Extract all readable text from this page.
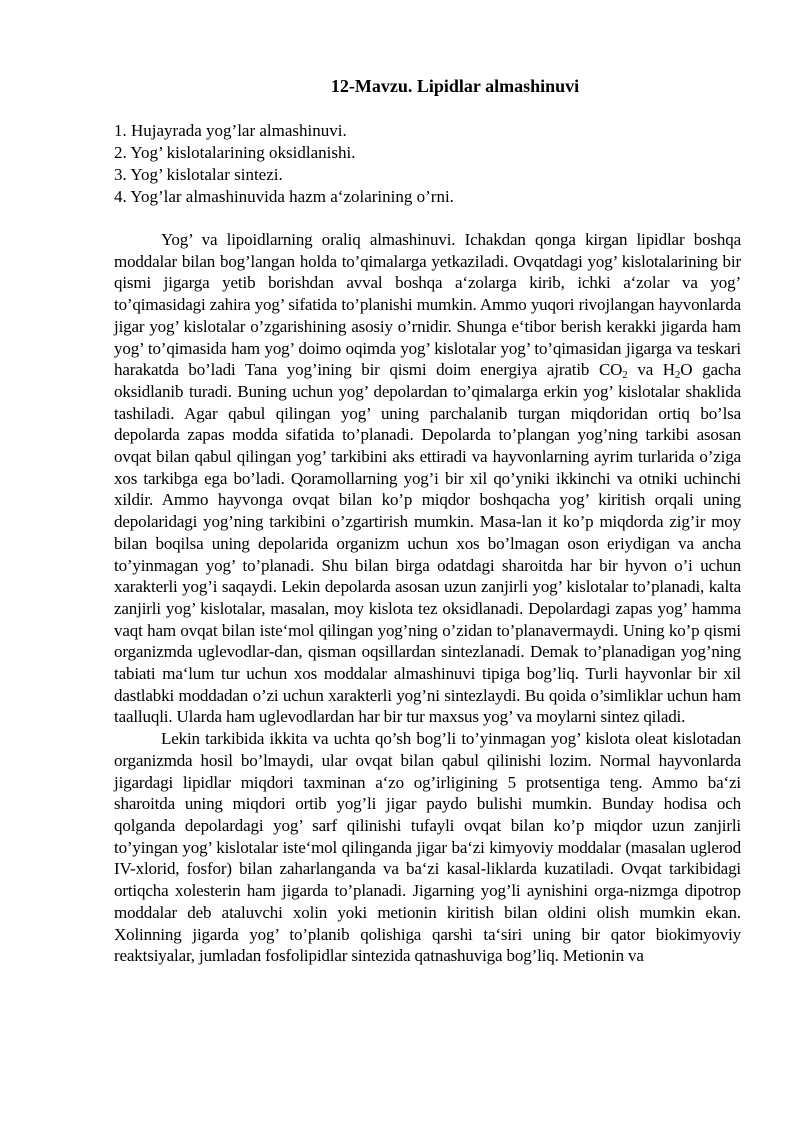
12-Mavzu. Lipidlar almashinuvi
1. Hujayrada yog’lar almashinuvi.
2. Yog’ kislotalarining oksidlanishi.
3. Yog’ kislotalar sintezi.
4. Yog’lar almashinuvida hazm a‘zolarining o’rni.

Yog’ va lipoidlarning oraliq almashinuvi. Ichakdan qonga kirgan lipidlar boshqa moddalar bilan bog’langan holda to’qimalarga yetkaziladi. Ovqatdagi yog’ kislotalarining bir qismi jigarga yetib borishdan avval boshqa a‘zolarga kirib, ichki a‘zolar va yog’ to’qimasidagi zahira yog’ sifatida to’planishi mumkin. Ammo yuqori rivojlangan hayvonlarda jigar yog’ kislotalar o’zgarishining asosiy o’rnidir. Shunga e‘tibor berish kerakki jigarda ham yog’ to’qimasida ham yog’ doimo oqimda yog’ kislotalar yog’ to’qimasidan jigarga va teskari harakatda bo’ladi Tana yog’ining bir qismi doim energiya ajratib $CO_2$ va $H_2O$ gacha oksidlanib turadi. Buning uchun yog’ depolardan to’qimalarga erkin yog’ kislotalar shaklida tashiladi. Agar qabul qilingan yog’ uning parchalanib turgan miqdoridan ortiq bo’lsa depolarda zapas modda sifatida to’planadi. Depolarda to’plangan yog’ning tarkibi asosan ovqat bilan qabul qilingan yog’ tarkibini aks ettiradi va hayvonlarning ayrim turlarida o’ziga xos tarkibga ega bo’ladi. Qoramollarning yog’i bir xil qo’yniki ikkinchi va otniki uchinchi xildir. Ammo hayvonga ovqat bilan ko’p miqdor boshqacha yog’ kiritish orqali uning depolaridagi yog’ning tarkibini o’zgartirish mumkin. Masa-lan it ko’p miqdorda zig’ir moy bilan boqilsa uning depolarida organizm uchun xos bo’lmagan oson eriydigan va ancha to’yinmagan yog’ to’planadi. Shu bilan birga odatdagi sharoitda har bir hyvon o’i uchun xarakterli yog’i saqaydi. Lekin depolarda asosan uzun zanjirli yog’ kislotalar to’planadi, kalta zanjirli yog’ kislotalar, masalan, moy kislota tez oksidlanadi. Depolardagi zapas yog’ hamma vaqt ham ovqat bilan iste‘mol qilingan yog’ning o’zidan to’planavermaydi. Uning ko’p qismi organizmda uglevodlar-dan, qisman oqsillardan sintezlanadi. Demak to’planadigan yog’ning tabiati ma‘lum tur uchun xos moddalar almashinuvi tipiga bog’liq. Turli hayvonlar bir xil dastlabki moddadan o’zi uchun xarakterli yog’ni sintezlaydi. Bu qoida o’simliklar uchun ham taalluqli. Ularda ham uglevodlardan har bir tur maxsus yog’ va moylarni sintez qiladi.

Lekin tarkibida ikkita va uchta qo’sh bog’li to’yinmagan yog’ kislota oleat kislotadan organizmda hosil bo’lmaydi, ular ovqat bilan qabul qilinishi lozim. Normal hayvonlarda jigardagi lipidlar miqdori taxminan a‘zo og’irligining 5 protsentiga teng. Ammo ba‘zi sharoitda uning miqdori ortib yog’li jigar paydo bulishi mumkin. Bunday hodisa och qolganda depolardagi yog’ sarf qilinishi tufayli ovqat bilan ko’p miqdor uzun zanjirli to’yingan yog’ kislotalar iste‘mol qilinganda jigar ba‘zi kimyoviy moddalar (masalan uglerod IV-xlorid, fosfor) bilan zaharlanganda va ba‘zi kasal-liklarda kuzatiladi. Ovqat tarkibidagi ortiqcha xolesterin ham jigarda to’planadi. Jigarning yog’li aynishini orga-nizmga dipotrop moddalar deb ataluvchi xolin yoki metionin kiritish bilan oldini olish mumkin ekan. Xolinning jigarda yog’ to’planib qolishiga qarshi ta‘siri uning bir qator biokimyoviy reaktsiyalar, jumladan fosfolipidlar sintezida qatnashuviga bog’liq. Metionin va
